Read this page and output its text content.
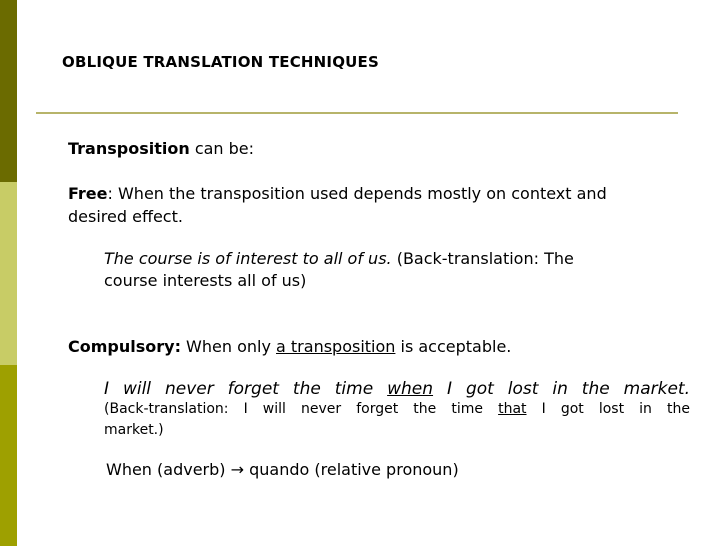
OBLIQUE TRANSLATION TECHNIQUES
Transposition can be:
Free: When the transposition used depends mostly on context and
desired effect.
The course is of interest to all of us. (Back-translation: The
course interests all of us)
Compulsory: When only a transposition is acceptable.
I will never forget the time when I got lost in the market.
(Back-translation: I will never forget the time that I got lost in the
market.)
When (adverb) → quando (relative pronoun)
